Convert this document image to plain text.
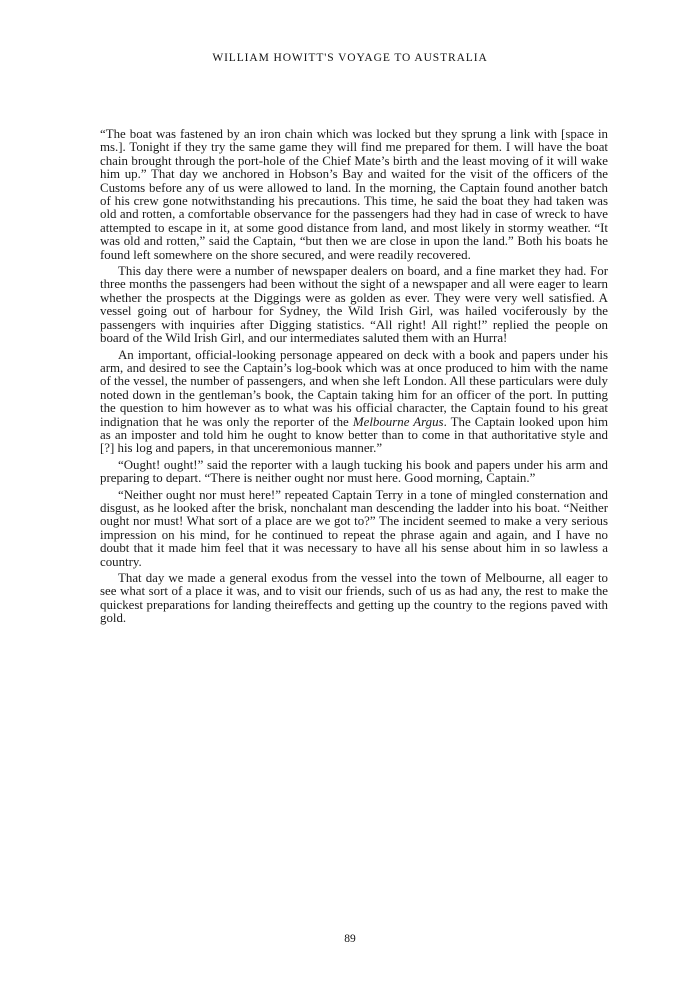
WILLIAM HOWITT'S VOYAGE TO AUSTRALIA

“The boat was fastened by an iron chain which was locked but they sprung a link with [space in ms.]. Tonight if they try the same game they will find me prepared for them. I will have the boat chain brought through the port-hole of the Chief Mate’s birth and the least moving of it will wake him up.” That day we anchored in Hobson’s Bay and waited for the visit of the officers of the Customs before any of us were allowed to land. In the morning, the Captain found another batch of his crew gone notwithstanding his precautions. This time, he said the boat they had taken was old and rotten, a comfortable observance for the passengers had they had in case of wreck to have attempted to escape in it, at some good distance from land, and most likely in stormy weather. “It was old and rotten,” said the Captain, “but then we are close in upon the land.” Both his boats he found left somewhere on the shore secured, and were readily recovered.

This day there were a number of newspaper dealers on board, and a fine market they had. For three months the passengers had been without the sight of a newspaper and all were eager to learn whether the prospects at the Diggings were as golden as ever. They were very well satisfied. A vessel going out of harbour for Sydney, the Wild Irish Girl, was hailed vociferously by the passengers with inquiries after Digging statistics. “All right! All right!” replied the people on board of the Wild Irish Girl, and our intermediates saluted them with an Hurra!

An important, official-looking personage appeared on deck with a book and papers under his arm, and desired to see the Captain’s log-book which was at once produced to him with the name of the vessel, the number of passengers, and when she left London. All these particulars were duly noted down in the gentleman’s book, the Captain taking him for an officer of the port. In putting the question to him however as to what was his official character, the Captain found to his great indignation that he was only the reporter of the Melbourne Argus. The Captain looked upon him as an imposter and told him he ought to know better than to come in that authoritative style and [?] his log and papers, in that unceremonious manner.”

“Ought! ought!” said the reporter with a laugh tucking his book and papers under his arm and preparing to depart. “There is neither ought nor must here. Good morning, Captain.”

“Neither ought nor must here!” repeated Captain Terry in a tone of mingled consternation and disgust, as he looked after the brisk, nonchalant man descending the ladder into his boat. “Neither ought nor must! What sort of a place are we got to?” The incident seemed to make a very serious impression on his mind, for he continued to repeat the phrase again and again, and I have no doubt that it made him feel that it was necessary to have all his sense about him in so lawless a country.

That day we made a general exodus from the vessel into the town of Melbourne, all eager to see what sort of a place it was, and to visit our friends, such of us as had any, the rest to make the quickest preparations for landing theireffects and getting up the country to the regions paved with gold.

89
